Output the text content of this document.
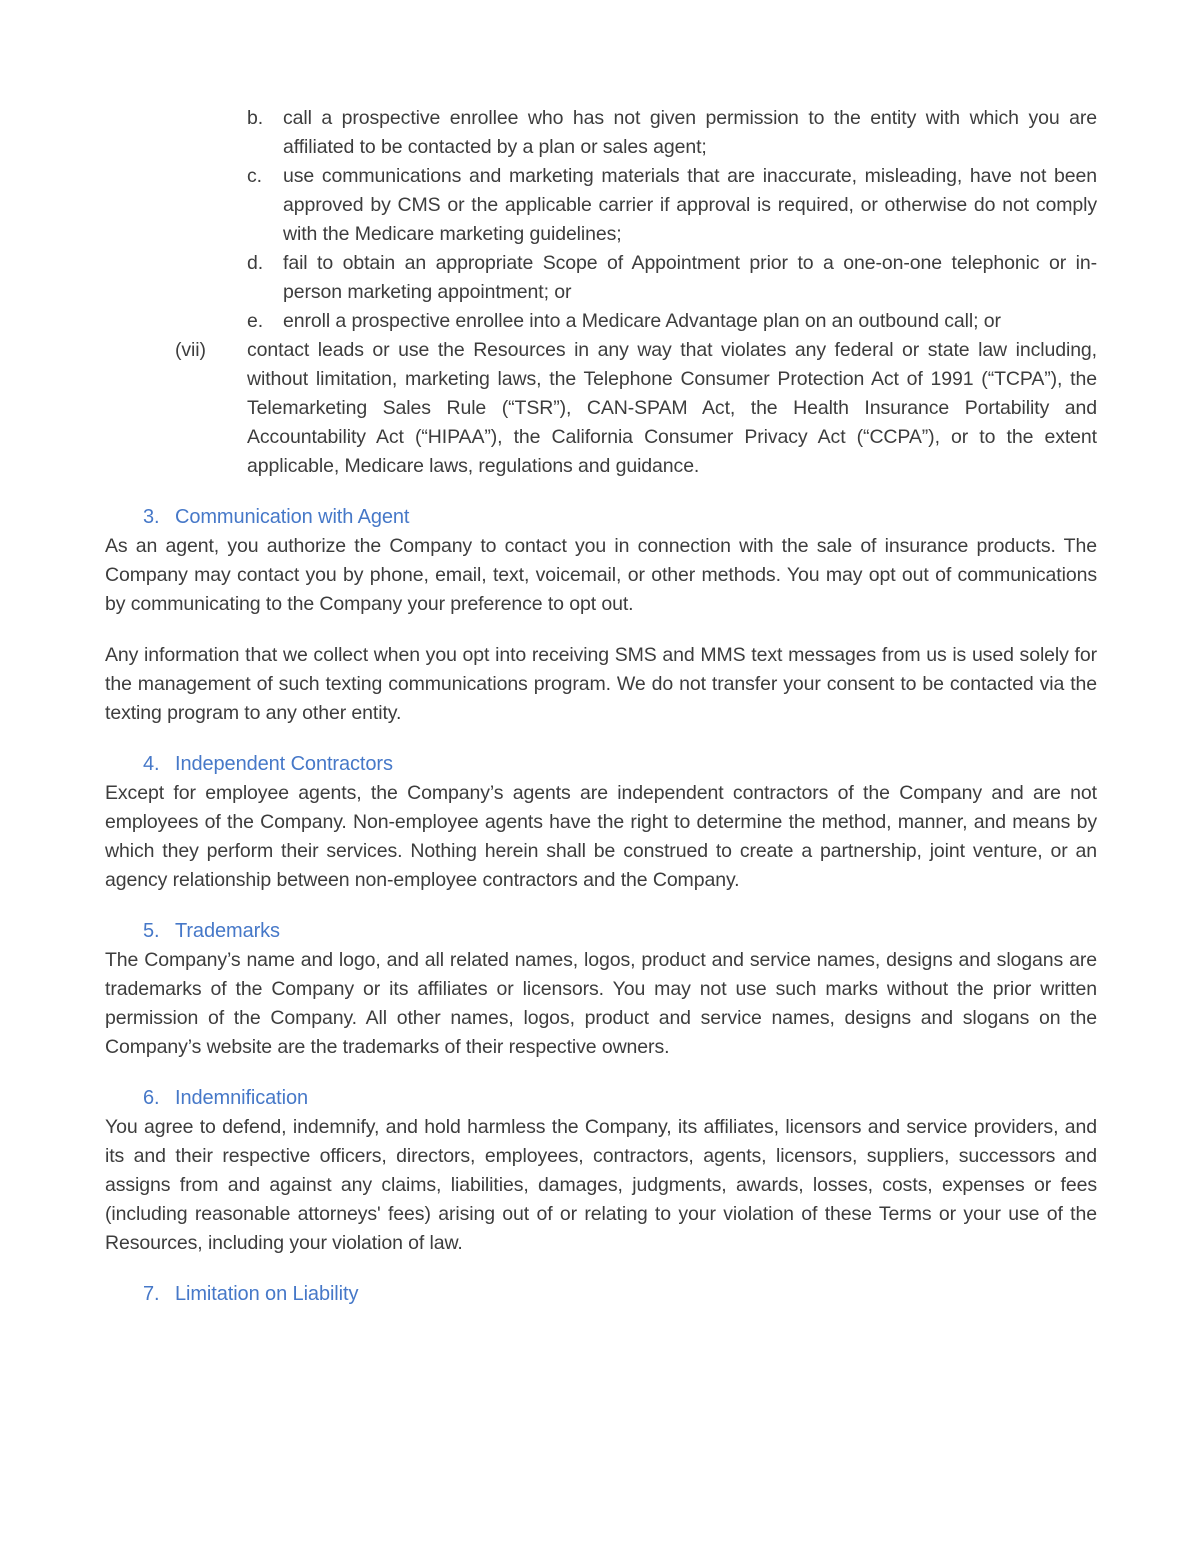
b.	call a prospective enrollee who has not given permission to the entity with which you are affiliated to be contacted by a plan or sales agent;
c.	use communications and marketing materials that are inaccurate, misleading, have not been approved by CMS or the applicable carrier if approval is required, or otherwise do not comply with the Medicare marketing guidelines;
d.	fail to obtain an appropriate Scope of Appointment prior to a one-on-one telephonic or in-person marketing appointment; or
e.	enroll a prospective enrollee into a Medicare Advantage plan on an outbound call; or
(vii)	contact leads or use the Resources in any way that violates any federal or state law including, without limitation, marketing laws, the Telephone Consumer Protection Act of 1991 (“TCPA”), the Telemarketing Sales Rule (“TSR”), CAN-SPAM Act, the Health Insurance Portability and Accountability Act (“HIPAA”), the California Consumer Privacy Act (“CCPA”), or to the extent applicable, Medicare laws, regulations and guidance.
3. Communication with Agent

As an agent, you authorize the Company to contact you in connection with the sale of insurance products. The Company may contact you by phone, email, text, voicemail, or other methods. You may opt out of communications by communicating to the Company your preference to opt out.

Any information that we collect when you opt into receiving SMS and MMS text messages from us is used solely for the management of such texting communications program. We do not transfer your consent to be contacted via the texting program to any other entity.

4. Independent Contractors

Except for employee agents, the Company’s agents are independent contractors of the Company and are not employees of the Company. Non-employee agents have the right to determine the method, manner, and means by which they perform their services. Nothing herein shall be construed to create a partnership, joint venture, or an agency relationship between non-employee contractors and the Company.

5. Trademarks

The Company’s name and logo, and all related names, logos, product and service names, designs and slogans are trademarks of the Company or its affiliates or licensors. You may not use such marks without the prior written permission of the Company. All other names, logos, product and service names, designs and slogans on the Company’s website are the trademarks of their respective owners.

6. Indemnification

You agree to defend, indemnify, and hold harmless the Company, its affiliates, licensors and service providers, and its and their respective officers, directors, employees, contractors, agents, licensors, suppliers, successors and assigns from and against any claims, liabilities, damages, judgments, awards, losses, costs, expenses or fees (including reasonable attorneys' fees) arising out of or relating to your violation of these Terms or your use of the Resources, including your violation of law.

7. Limitation on Liability
